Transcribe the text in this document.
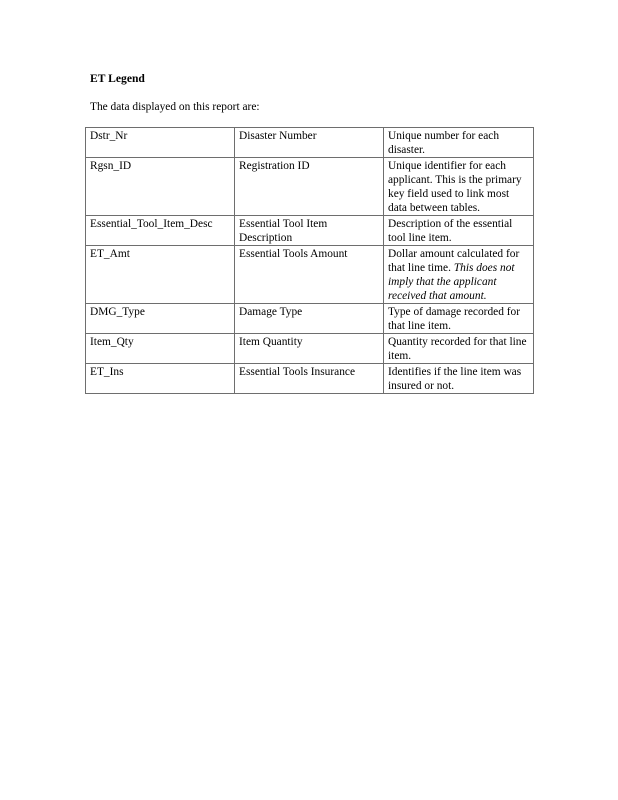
ET Legend

The data displayed on this report are:

Dstr_Nr	Disaster Number	Unique number for each disaster.
Rgsn_ID	Registration ID	Unique identifier for each applicant. This is the primary key field used to link most data between tables.
Essential_Tool_Item_Desc	Essential Tool Item Description	Description of the essential tool line item.
ET_Amt	Essential Tools Amount	Dollar amount calculated for that line time. This does not imply that the applicant received that amount.
DMG_Type	Damage Type	Type of damage recorded for that line item.
Item_Qty	Item Quantity	Quantity recorded for that line item.
ET_Ins	Essential Tools Insurance	Identifies if the line item was insured or not.
